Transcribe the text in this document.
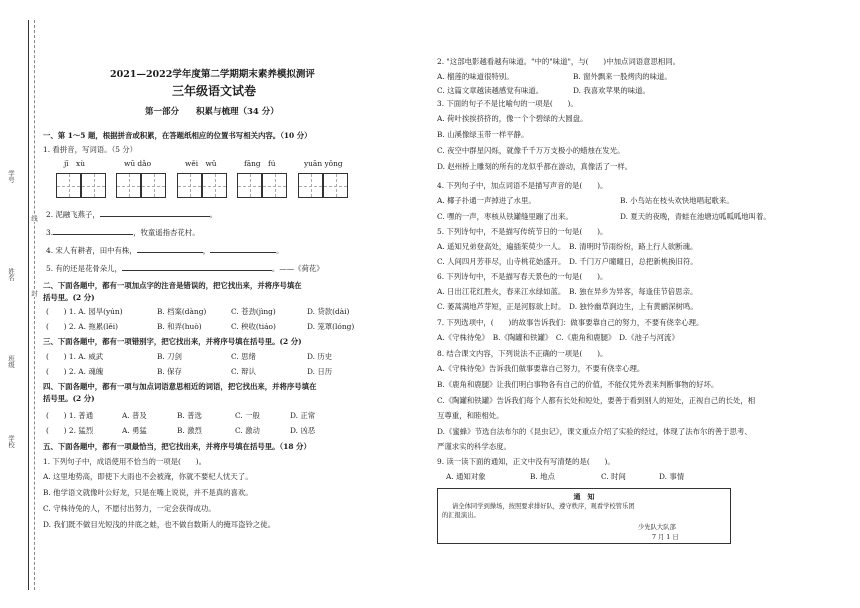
学号
姓名
班级
学校
封
线
2021—2022学年度第二学期期末素养模拟测评
三年级语文试卷
第一部分　　积累与梳理（34 分）
一、第 1～5 题，根据拼音或积累，在答题纸相应的位置书写相关内容。（10 分）
1. 看拼音，写词语。（5 分）
jī　xù	wū dǎo	wěi　wǔ	fāng　fú	yuān yǒng
2. 泥融飞燕子，	。
3.	，牧童遥指杏花村。
4. 宋人有耕者，田中有株，	，	。
5. 有的还是花骨朵儿，	。——《荷花》
二、下面各题中，都有一项加点字的注音是错误的，把它找出来，并将序号填在
括号里。(2 分)
(　　) 1. A. 园旱(yún)	B. 档案(dàng)	C. 苍劲(jìng)	D. 贷款(dài)
(　　) 2. A. 拖累(lěi)	B. 和弄(huò)	C. 秧收(tiáo)	D. 笼罩(lóng)
三、下面各题中，都有一项错别字，把它找出来，并将序号填在括号里。(2 分)
(　　) 1. A. 威武	B. 刀剑	C. 思绪	D. 历史
(　　) 2. A. 魂魄	B. 保存	C. 辩认	D. 日历
四、下面各题中，都有一项与加点词语意思相近的词语，把它找出来，并将序号填在
括号里。(2 分)
(　　) 1. 普通	A. 普及	B. 普选	C. 一般	D. 正常
(　　) 2. 猛烈	A. 勇猛	B. 激烈	C. 激动	D. 凶恶
五、下面各题中，都有一项最恰当，把它找出来，并将序号填在括号里。（18 分）
1. 下列句子中，成语使用不恰当的一项是(　　)。
A. 这里地势高，即使下大雨也不会被淹，你就不要杞人忧天了。
B. 他学语文就像叶公好龙，只是在嘴上说说，并不是真的喜欢。
C. 守株待兔的人，不愿付出努力，一定会获得成功。
D. 我们既不做目光短浅的井底之蛙，也不做自数斯人的掩耳盗铃之徒。
2. "这部电影越看越有味道。"中的"味道"，与(　　)中加点词语意思相同。
A. 榴莲的味道很特别。	B. 窗外飘来一股烤肉的味道。
C. 这篇文章越读越感觉有味道。	D. 我喜欢苹果的味道。
3. 下面的句子不是比喻句的一项是(　　)。
A. 荷叶挨挨挤挤的，像一个个碧绿的大圆盘。
B. 山溪像绿玉带一样平静。
C. 夜空中群星闪烁，就像千千万万支极小的蜡烛在发光。
D. 赵州桥上雕刻的所有的龙似乎都在游动，真像活了一样。
4. 下列句子中，加点词语不是描写声音的是(　　)。
A. 椰子扑通一声掉进了水里。	B. 小鸟站在枝头欢快地唱起歌来。
C. 嘿的一声，枣核从铁罐缝里蹦了出来。	D. 夏天的夜晚，青蛙在池塘边呱呱呱地叫着。
5. 下列诗句中，不是描写传统节日的一句是(　　)。
A. 遥知兄弟登高处，遍插茱萸少一人。　B. 清明时节雨纷纷，路上行人欲断魂。
C. 人间四月芳菲尽，山寺桃花始盛开。　D. 千门万户曈曈日，总把新桃换旧符。
6. 下列诗句中，不是描写春天景色的一句是(　　)。
A. 日出江花红胜火，春来江水绿如蓝。　B. 独在异乡为异客，每逢佳节倍思亲。
C. 萎蒿满地芦芽短，正是河豚欲上时。　D. 独怜幽草涧边生，上有黄鹂深树鸣。
7. 下列选项中，(　　)的故事告诉我们：做事要靠自己的努力，不要有侥幸心理。
A.《守株待兔》　B.《陶罐和铁罐》　C.《鹿角和鹿腿》　D.《池子与河流》
8. 结合课文内容，下列说法不正确的一项是(　　)。
A.《守株待兔》告诉我们做事要靠自己努力，不要有侥幸心理。
B.《鹿角和鹿腿》让我们明白事物各有自己的价值，不能仅凭外表来判断事物的好坏。
C.《陶罐和铁罐》告诉我们每个人都有长处和短处，要善于看到别人的短处，正视自己的长处，相
互尊重，和睦相处。
D.《蜜蜂》节选自法布尔的《昆虫记》，课文重点介绍了实验的经过，体现了法布尔的善于思考、
严谨求实的科学态度。
9. 读一读下面的通知，正文中没有写清楚的是(　　)。
A. 通知对象	B. 地点	C. 时间	D. 事情
通　知
请全体同学到操场，按照要求排好队，遵守秩序，观看学校管乐团
的汇报演出。
少先队大队部
7 月 1 日
